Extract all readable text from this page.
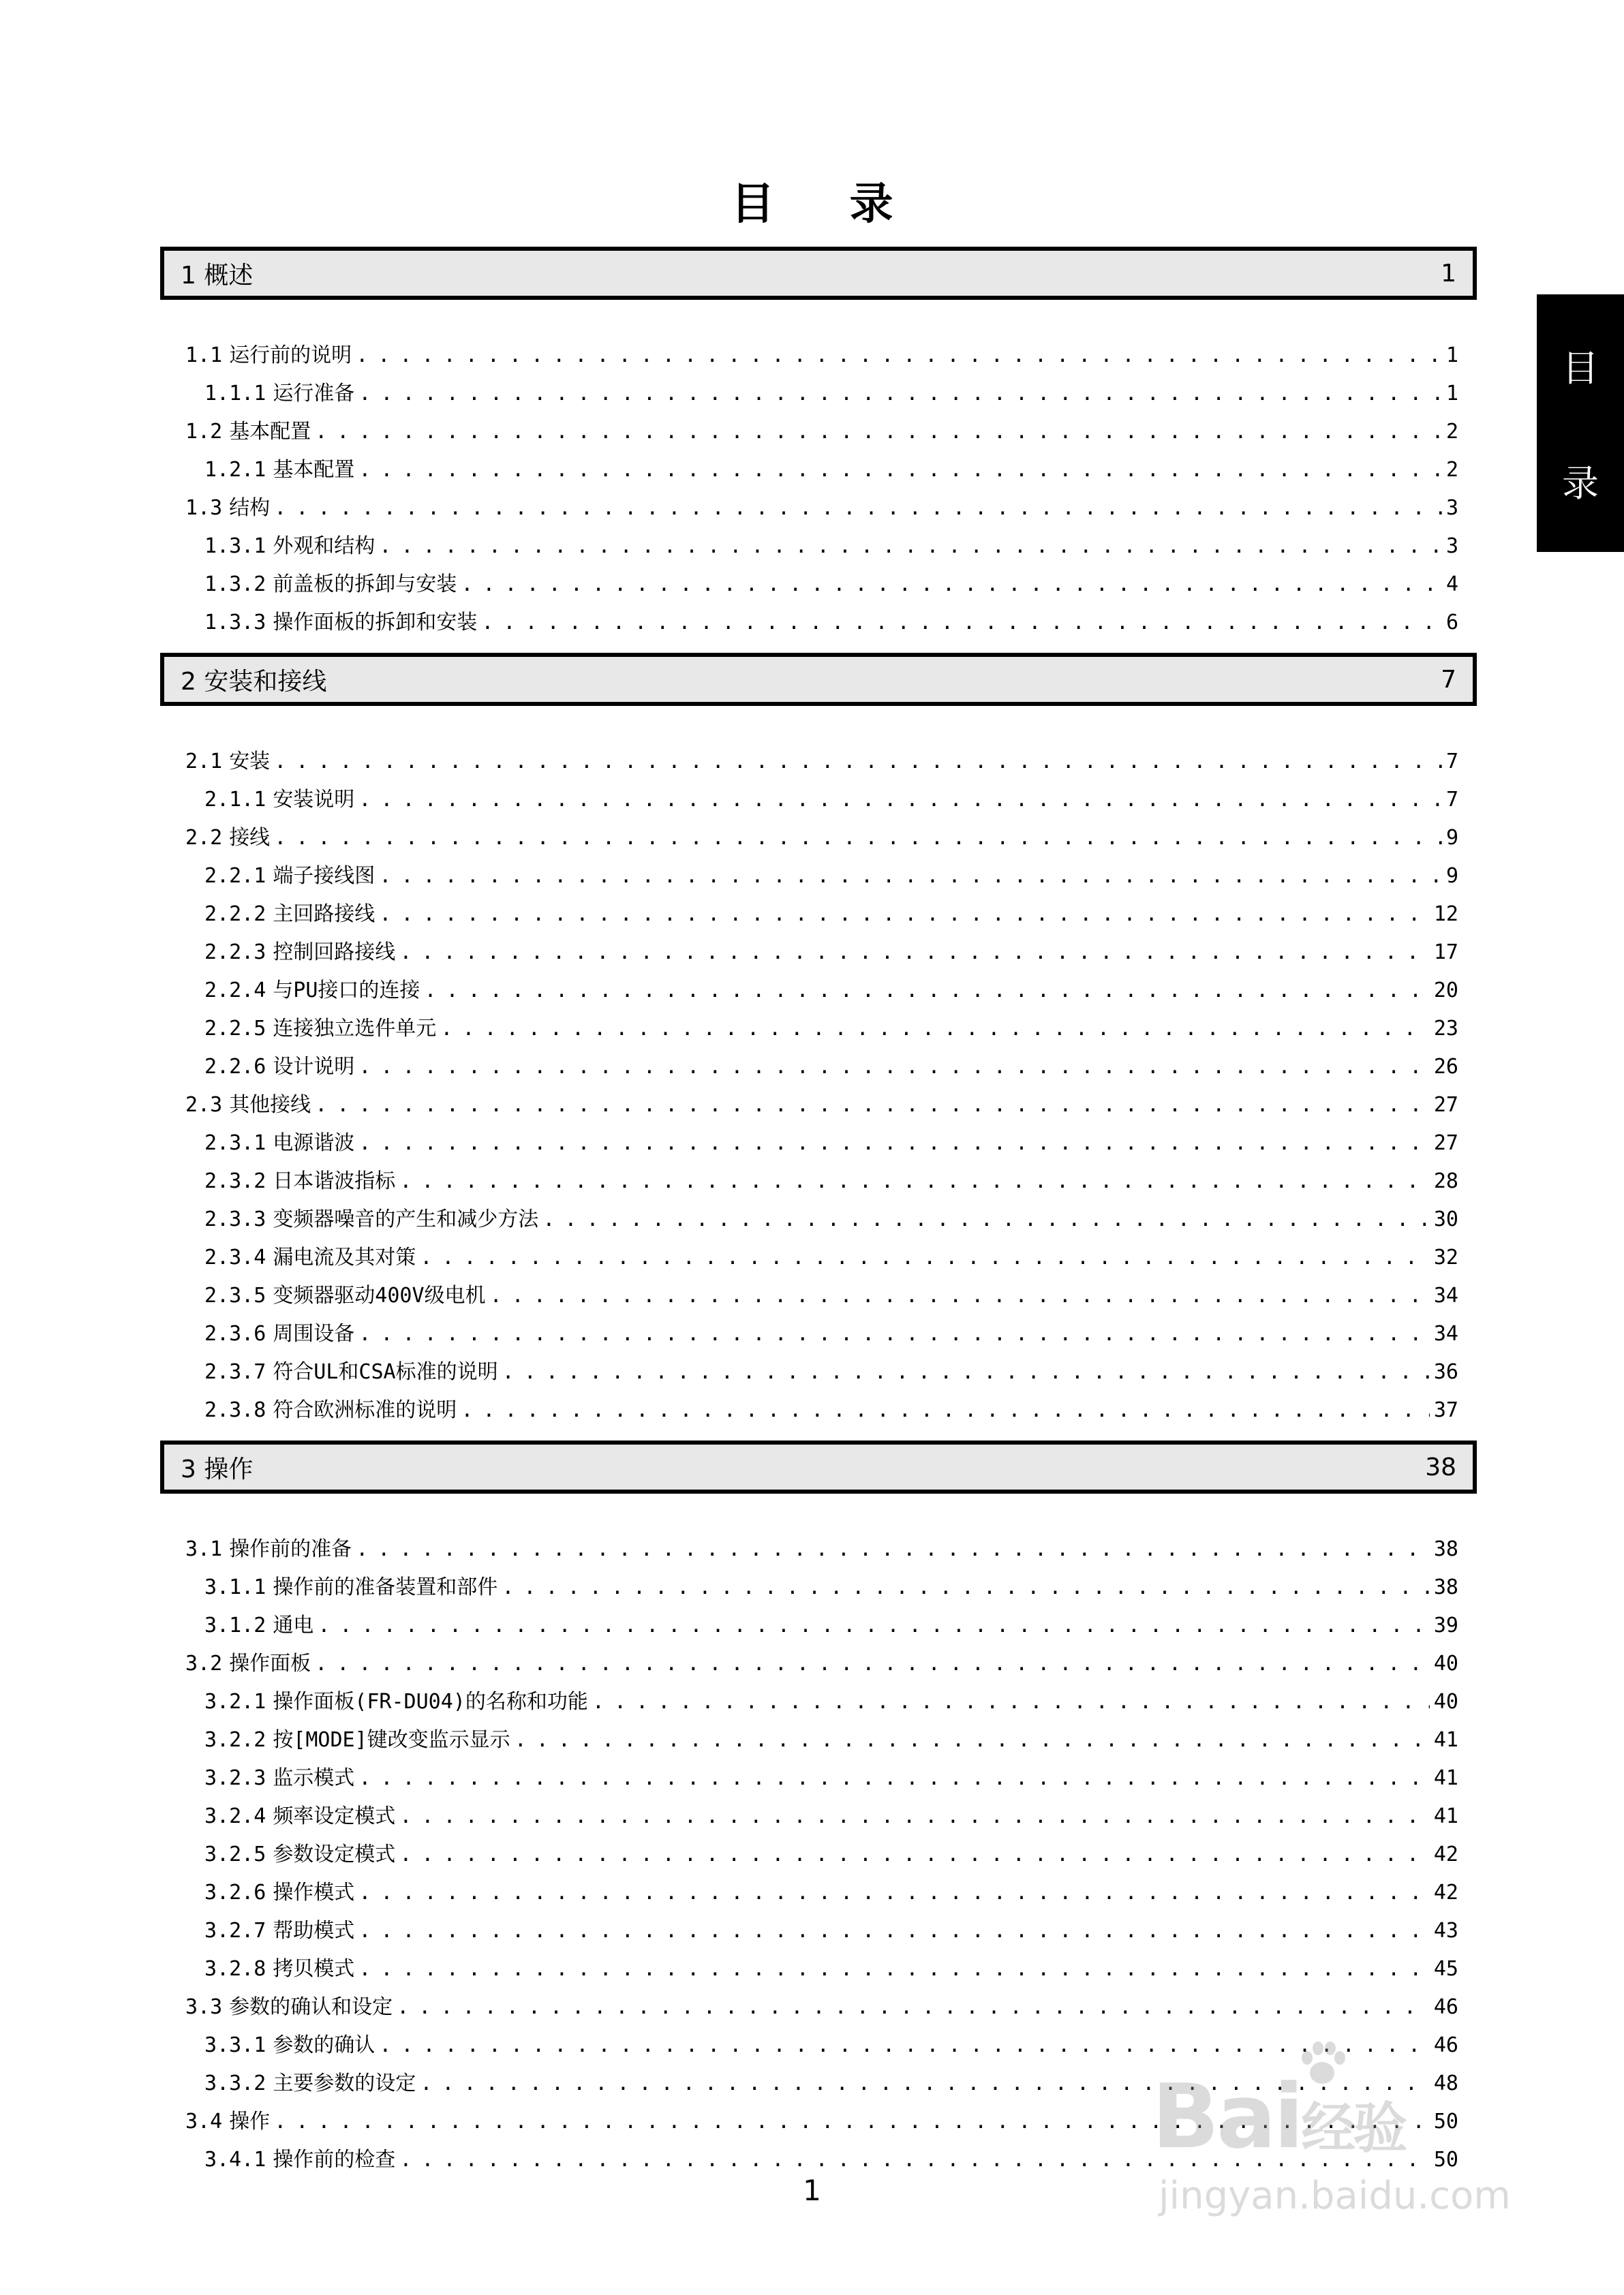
目录
目
录
1 概述	1
2 安装和接线	7
3 操作	38
1.1 运行前的说明 . . .	1
1.1.1 运行准备 . . .	1
1.2 基本配置 . . .	2
1.2.1 基本配置 . . .	2
1.3 结构 . . .	3
1.3.1 外观和结构 . . .	3
1.3.2 前盖板的拆卸与安装 . . .	4
1.3.3 操作面板的拆卸和安装 . . .	6
2.1 安装 . . .	7
2.1.1 安装说明 . . .	7
2.2 接线 . . .	9
2.2.1 端子接线图 . . .	9
2.2.2 主回路接线 . . .	12
2.2.3 控制回路接线 . . .	17
2.2.4 与PU接口的连接 . . .	20
2.2.5 连接独立选件单元 . . .	23
2.2.6 设计说明 . . .	26
2.3 其他接线 . . .	27
2.3.1 电源谐波 . . .	27
2.3.2 日本谐波指标 . . .	28
2.3.3 变频器噪音的产生和减少方法 . . .	30
2.3.4 漏电流及其对策 . . .	32
2.3.5 变频器驱动400V级电机 . . .	34
2.3.6 周围设备 . . .	34
2.3.7 符合UL和CSA标准的说明 . . .	36
2.3.8 符合欧洲标准的说明 . . .	37
3.1 操作前的准备 . . .	38
3.1.1 操作前的准备装置和部件 . . .	38
3.1.2 通电 . . .	39
3.2 操作面板 . . .	40
3.2.1 操作面板(FR-DU04)的名称和功能 . . .	40
3.2.2 按[MODE]键改变监示显示 . . .	41
3.2.3 监示模式 . . .	41
3.2.4 频率设定模式 . . .	41
3.2.5 参数设定模式 . . .	42
3.2.6 操作模式 . . .	42
3.2.7 帮助模式 . . .	43
3.2.8 拷贝模式 . . .	45
3.3 参数的确认和设定 . . .	46
3.3.1 参数的确认 . . .	46
3.3.2 主要参数的设定 . . .	48
3.4 操作 . . .	50
3.4.1 操作前的检查 . . .	50
1
Bai经验
jingyan.baidu.com
